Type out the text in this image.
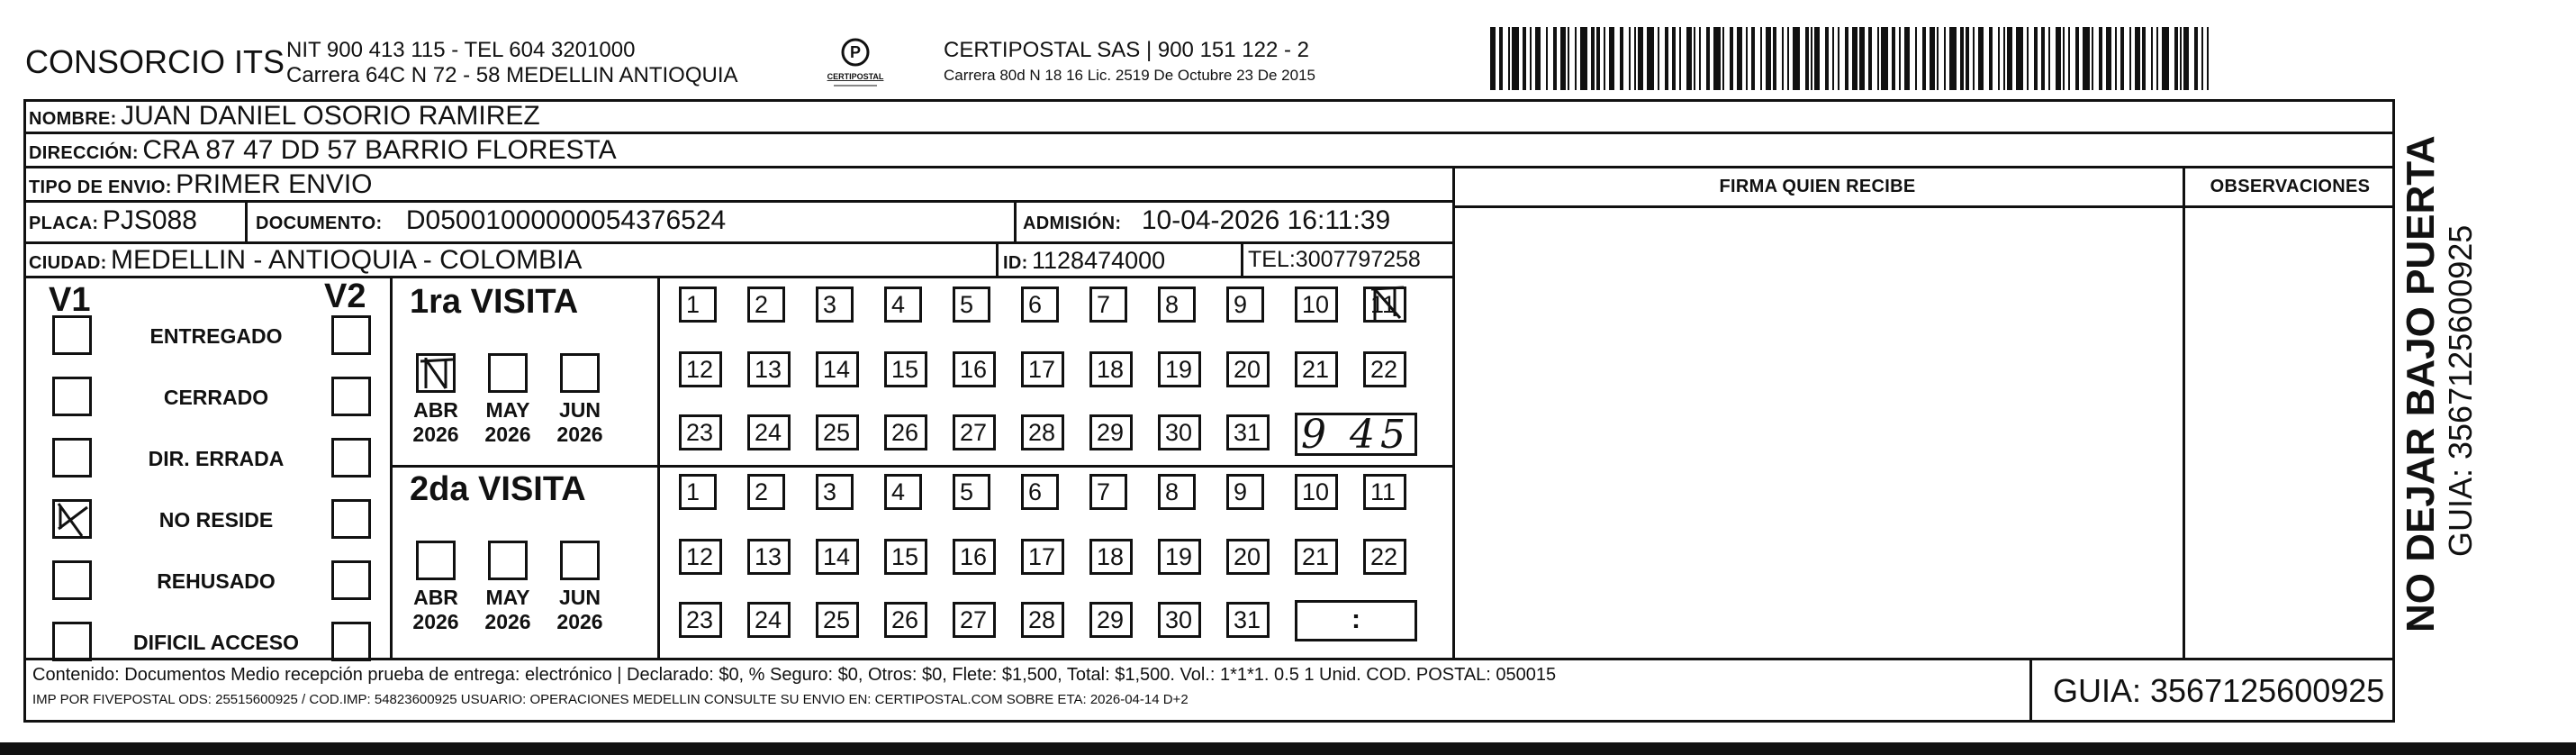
CONSORCIO ITS NIT 900 413 115 - TEL 604 3201000
Carrera 64C N 72 - 58 MEDELLIN ANTIOQUIA
P
CERTIPOSTAL
CERTIPOSTAL SAS | 900 151 122 - 2
Carrera 80d N 18 16 Lic. 2519 De Octubre 23 De 2015
NOMBRE: JUAN DANIEL OSORIO RAMIREZ
DIRECCIÓN: CRA 87 47 DD 57 BARRIO FLORESTA
TIPO DE ENVIO: PRIMER ENVIO
PLACA: PJS088	DOCUMENTO: D05001000000054376524	ADMISIÓN: 10-04-2026 16:11:39
CIUDAD: MEDELLIN - ANTIOQUIA - COLOMBIA	ID: 1128474000	TEL:3007797258
FIRMA QUIEN RECIBE	OBSERVACIONES
V1	V2
ENTREGADO
CERRADO
DIR. ERRADA
NO RESIDE
REHUSADO
DIFICIL ACCESO
1ra VISITA
ABR
2026
MAY
2026
JUN
2026
1	2	3	4	5	6	7	8	9	10	11
12	13	14	15	16	17	18	19	20	21	22
23	24	25	26	27	28	29	30	31 9 45
2da VISITA
ABR
2026
MAY
2026
JUN
2026
1	2	3	4	5	6	7	8	9	10	11
12	13	14	15	16	17	18	19	20	21	22
23	24	25	26	27	28	29	30	31	:
Contenido: Documentos Medio recepción prueba de entrega: electrónico | Declarado: $0, % Seguro: $0, Otros: $0, Flete: $1,500, Total: $1,500. Vol.: 1*1*1. 0.5 1 Unid. COD. POSTAL: 050015
IMP POR FIVEPOSTAL ODS: 25515600925 / COD.IMP: 54823600925 USUARIO: OPERACIONES MEDELLIN CONSULTE SU ENVIO EN: CERTIPOSTAL.COM SOBRE ETA: 2026-04-14 D+2	GUIA: 3567125600925
NO DEJAR BAJO PUERTA GUIA: 3567125600925
